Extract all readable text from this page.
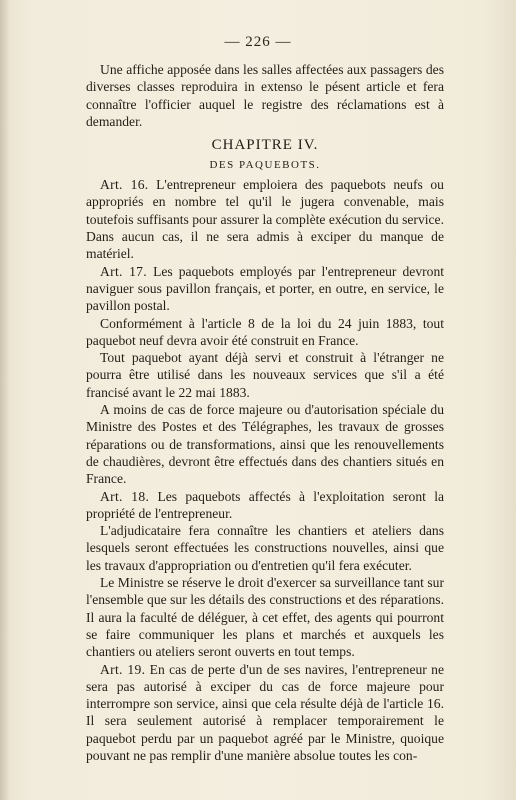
— 226 —

Une affiche apposée dans les salles affectées aux passagers des diverses classes reproduira in extenso le pésent article et fera connaître l'officier auquel le registre des réclamations est à demander.

CHAPITRE IV.
DES PAQUEBOTS.

Art. 16. L'entrepreneur emploiera des paquebots neufs ou appropriés en nombre tel qu'il le jugera convenable, mais toutefois suffisants pour assurer la complète exécution du service. Dans aucun cas, il ne sera admis à exciper du manque de matériel.

Art. 17. Les paquebots employés par l'entrepreneur devront naviguer sous pavillon français, et porter, en outre, en service, le pavillon postal.

Conformément à l'article 8 de la loi du 24 juin 1883, tout paquebot neuf devra avoir été construit en France.

Tout paquebot ayant déjà servi et construit à l'étranger ne pourra être utilisé dans les nouveaux services que s'il a été francisé avant le 22 mai 1883.

A moins de cas de force majeure ou d'autorisation spéciale du Ministre des Postes et des Télégraphes, les travaux de grosses réparations ou de transformations, ainsi que les renouvellements de chaudières, devront être effectués dans des chantiers situés en France.

Art. 18. Les paquebots affectés à l'exploitation seront la propriété de l'entrepreneur.

L'adjudicataire fera connaître les chantiers et ateliers dans lesquels seront effectuées les constructions nouvelles, ainsi que les travaux d'appropriation ou d'entretien qu'il fera exécuter.

Le Ministre se réserve le droit d'exercer sa surveillance tant sur l'ensemble que sur les détails des constructions et des réparations. Il aura la faculté de déléguer, à cet effet, des agents qui pourront se faire communiquer les plans et marchés et auxquels les chantiers ou ateliers seront ouverts en tout temps.

Art. 19. En cas de perte d'un de ses navires, l'entrepreneur ne sera pas autorisé à exciper du cas de force majeure pour interrompre son service, ainsi que cela résulte déjà de l'article 16. Il sera seulement autorisé à remplacer temporairement le paquebot perdu par un paquebot agréé par le Ministre, quoique pouvant ne pas remplir d'une manière absolue toutes les con-
